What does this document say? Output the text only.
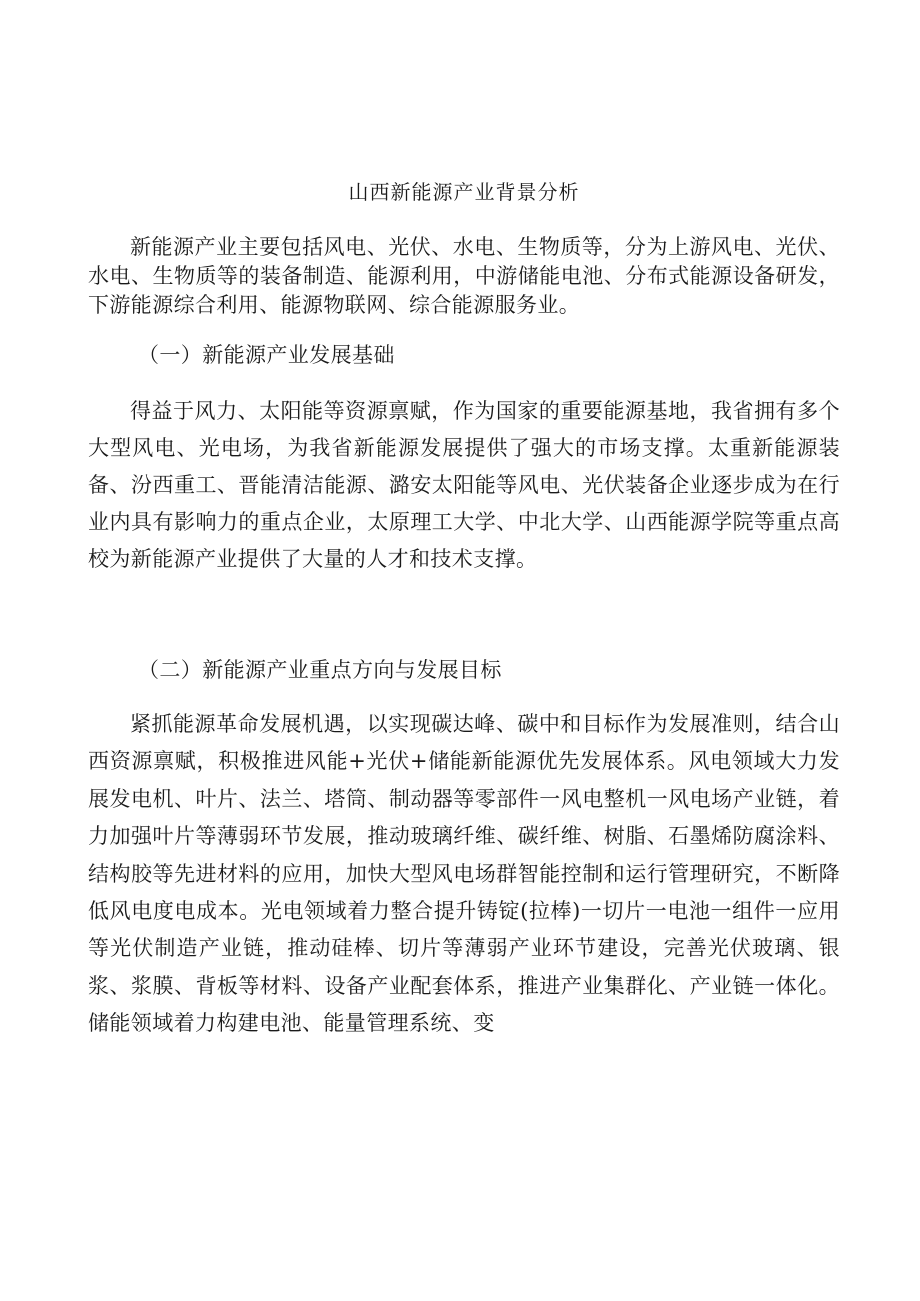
山西新能源产业背景分析

新能源产业主要包括风电、光伏、水电、生物质等，分为上游风电、光伏、水电、生物质等的装备制造、能源利用，中游储能电池、分布式能源设备研发，下游能源综合利用、能源物联网、综合能源服务业。

（一）新能源产业发展基础

得益于风力、太阳能等资源禀赋，作为国家的重要能源基地，我省拥有多个大型风电、光电场，为我省新能源发展提供了强大的市场支撑。太重新能源装备、汾西重工、晋能清洁能源、潞安太阳能等风电、光伏装备企业逐步成为在行业内具有影响力的重点企业，太原理工大学、中北大学、山西能源学院等重点高校为新能源产业提供了大量的人才和技术支撑。

（二）新能源产业重点方向与发展目标

紧抓能源革命发展机遇，以实现碳达峰、碳中和目标作为发展准则，结合山西资源禀赋，积极推进风能+光伏+储能新能源优先发展体系。风电领域大力发展发电机、叶片、法兰、塔筒、制动器等零部件一风电整机一风电场产业链，着力加强叶片等薄弱环节发展，推动玻璃纤维、碳纤维、树脂、石墨烯防腐涂料、结构胶等先进材料的应用，加快大型风电场群智能控制和运行管理研究，不断降低风电度电成本。光电领域着力整合提升铸锭(拉棒)一切片一电池一组件一应用等光伏制造产业链，推动硅棒、切片等薄弱产业环节建设，完善光伏玻璃、银浆、浆膜、背板等材料、设备产业配套体系，推进产业集群化、产业链一体化。储能领域着力构建电池、能量管理系统、变
